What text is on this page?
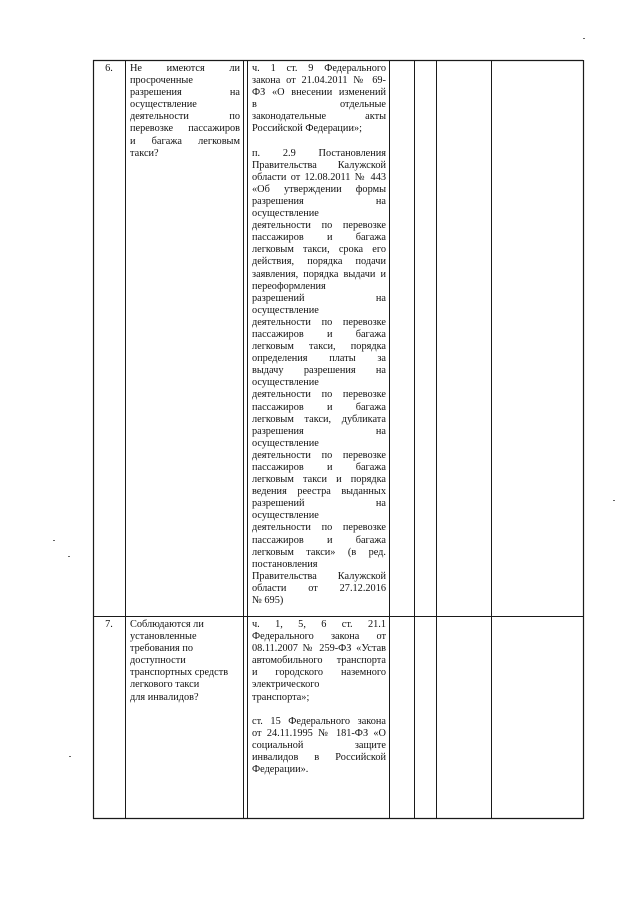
6.	Не имеются ли

просроченные

разрешения на

осуществление

деятельности по

перевозке пассажиров

и багажа легковым

такси?

ч. 1 ст. 9 Федерального

закона от 21.04.2011 № 69-

ФЗ «О внесении изменений

в отдельные

законодательные акты

Российской Федерации»;

п. 2.9 Постановления

Правительства Калужской

области от 12.08.2011 № 443

«Об утверждении формы

разрешения на

осуществление

деятельности по перевозке

пассажиров и багажа

легковым такси, срока его

действия, порядка подачи

заявления, порядка выдачи и

переоформления

разрешений на

осуществление

деятельности по перевозке

пассажиров и багажа

легковым такси, порядка

определения платы за

выдачу разрешения на

осуществление

деятельности по перевозке

пассажиров и багажа

легковым такси, дубликата

разрешения на

осуществление

деятельности по перевозке

пассажиров и багажа

легковым такси и порядка

ведения реестра выданных

разрешений на

осуществление

деятельности по перевозке

пассажиров и багажа

легковым такси» (в ред.

постановления

Правительства Калужской

области от 27.12.2016

№ 695)

7.	Соблюдаются ли

установленные

требования по

доступности

транспортных средств

легкового такси

для инвалидов?

ч. 1, 5, 6 ст. 21.1

Федерального закона от

08.11.2007 № 259-ФЗ «Устав

автомобильного транспорта

и городского наземного

электрического

транспорта»;

ст. 15 Федерального закона

от 24.11.1995 № 181-ФЗ «О

социальной защите

инвалидов в Российской

Федерации».
